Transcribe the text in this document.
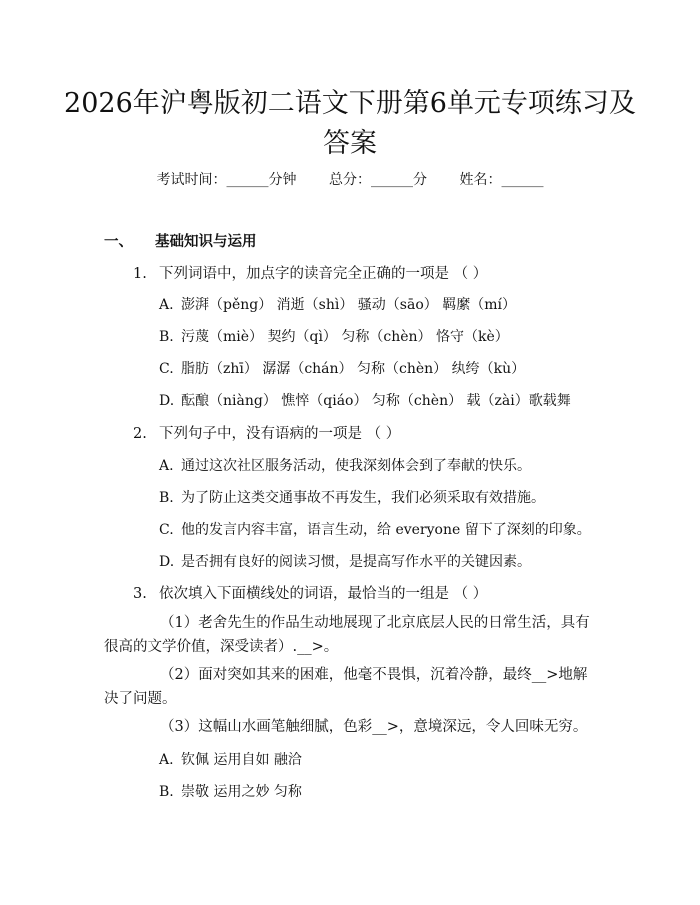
2026年沪粤版初二语文下册第6单元专项练习及答案
考试时间：______分钟 总分：______分 姓名：______
一、 基础知识与运用
1. 下列词语中，加点字的读音完全正确的一项是 （ ）
A. 澎湃（pěng） 消逝（shì） 骚动（sāo） 羁縻（mí）
B. 污蔑（miè） 契约（qì） 匀称（chèn） 恪守（kè）
C. 脂肪（zhī） 潺潺（chán） 匀称（chèn） 纨绔（kù）
D. 酝酿（niàng） 憔悴（qiáo） 匀称（chèn） 载（zài）歌载舞
2. 下列句子中，没有语病的一项是 （ ）
A. 通过这次社区服务活动，使我深刻体会到了奉献的快乐。
B. 为了防止这类交通事故不再发生，我们必须采取有效措施。
C. 他的发言内容丰富，语言生动，给 everyone 留下了深刻的印象。
D. 是否拥有良好的阅读习惯，是提高写作水平的关键因素。
3. 依次填入下面横线处的词语，最恰当的一组是 （ ）

（1）老舍先生的作品生动地展现了北京底层人民的日常生活，具有很高的文学价值，深受读者）.__>。

（2）面对突如其来的困难，他毫不畏惧，沉着冷静，最终__>地解决了问题。

（3）这幅山水画笔触细腻，色彩__>，意境深远，令人回味无穷。

A. 钦佩 运用自如 融洽
B. 崇敬 运用之妙 匀称
